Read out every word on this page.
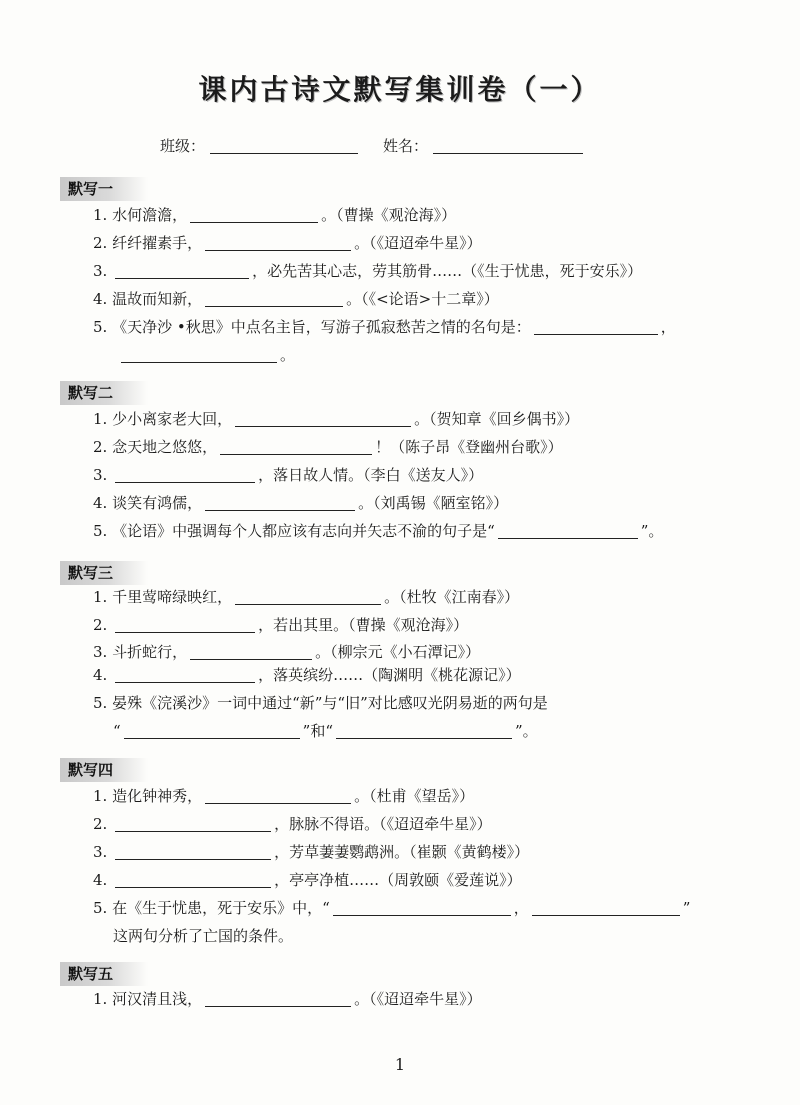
课内古诗文默写集训卷（一）
班级：	姓名：
默写一
1. 水何澹澹，	。（曹操《观沧海》）
2. 纤纤擢素手，	。（《迢迢牵牛星》）
3.	，必先苦其心志，劳其筋骨……（《生于忧患，死于安乐》）
4. 温故而知新，	。（《<论语>十二章》）
5. 《天净沙 •秋思》中点名主旨，写游子孤寂愁苦之情的名句是：	，
。
默写二
1. 少小离家老大回，	。（贺知章《回乡偶书》）
2. 念天地之悠悠，	！（陈子昂《登幽州台歌》）
3.	，落日故人情。（李白《送友人》）
4. 谈笑有鸿儒，	。（刘禹锡《陋室铭》）
5. 《论语》中强调每个人都应该有志向并矢志不渝的句子是“	”。
默写三
1. 千里莺啼绿映红，	。（杜牧《江南春》）
2.	，若出其里。（曹操《观沧海》）
3. 斗折蛇行，	。（柳宗元《小石潭记》）
4.	，落英缤纷……（陶渊明《桃花源记》）
5. 晏殊《浣溪沙》一词中通过“新”与“旧”对比感叹光阴易逝的两句是
“	”和“	”。
默写四
1. 造化钟神秀，	。（杜甫《望岳》）
2.	，脉脉不得语。（《迢迢牵牛星》）
3.	，芳草萋萋鹦鹉洲。（崔颢《黄鹤楼》）
4.	，亭亭净植……（周敦颐《爱莲说》）
5. 在《生于忧患，死于安乐》中，“	，	”
这两句分析了亡国的条件。
默写五
1. 河汉清且浅，	。（《迢迢牵牛星》）
1
